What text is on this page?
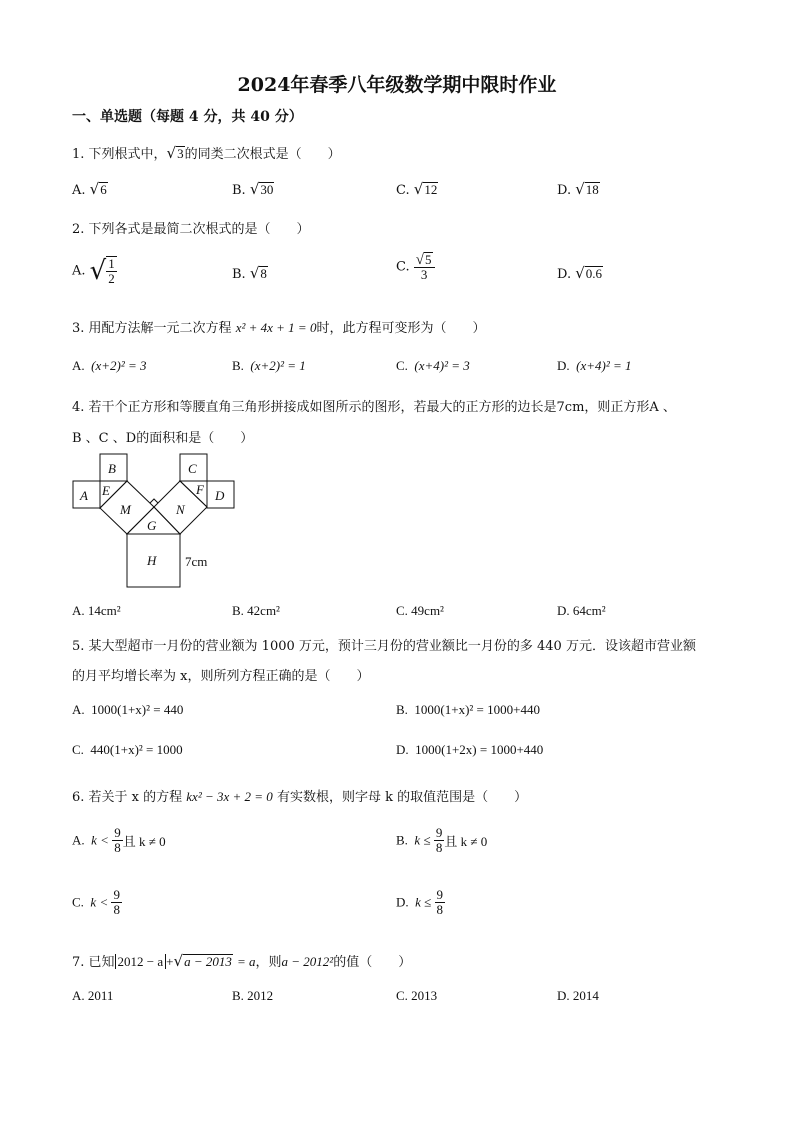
2024年春季八年级数学期中限时作业
一、单选题（每题 4 分，共 40 分）
1. 下列根式中，√3的同类二次根式是（　　）
A. √6	B. √30	C. √12	D. √18
2. 下列各式是最简二次根式的是（　　）
A. √ $\frac{1}{2}$	B. √8	C. $\frac{√5}{3}$	D. √0.6
3. 用配方法解一元二次方程 x² + 4x + 1 = 0时，此方程可变形为（　　）
A. (x+2)² = 3	B. (x+2)² = 1	C. (x+4)² = 3	D. (x+4)² = 1
4. 若干个正方形和等腰直角三角形拼接成如图所示的图形，若最大的正方形的边长是7cm，则正方形A 、
B 、C 、D的面积和是（　　）
A
B
E
M
G
N
F
C
D
H 7cm
A. 14cm²	B. 42cm²	C. 49cm²	D. 64cm²
5. 某大型超市一月份的营业额为 1000 万元，预计三月份的营业额比一月份的多 440 万元．设该超市营业额
的月平均增长率为 x，则所列方程正确的是（　　）
A. 1000(1+x)² = 440	B. 1000(1+x)² = 1000+440
C. 440(1+x)² = 1000	D. 1000(1+2x) = 1000+440
6. 若关于 x 的方程 kx² − 3x + 2 = 0 有实数根，则字母 k 的取值范围是（　　）
A. $k < \frac{9}{8}$ 且 k ≠ 0	B. $k \le \frac{9}{8}$ 且 k ≠ 0
C. $k < \frac{9}{8}$	D. $k \le \frac{9}{8}$
7. 已知 2012 − a +√a − 2013 = a，则a − 2012²的值（　　）
A. 2011	B. 2012	C. 2013	D. 2014
